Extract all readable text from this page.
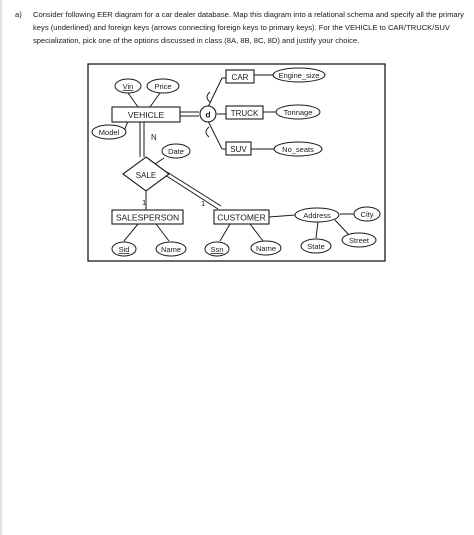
a) Consider following EER diagram for a car dealer database. Map this diagram into a relational schema and specify all the primary keys (underlined) and foreign keys (arrows connecting foreign keys to primary keys). For the VEHICLE to CAR/TRUCK/SUV specialization, pick one of the options discussed in class (8A, 8B, 8C, 8D) and justify your choice.
VEHICLE
CAR
TRUCK
SUV
SALESPERSON	CUSTOMER
SALE
d
Vin	Price
Model
Engine_size
Tonnage
No_seats
Date
Sid	Name	Ssn	Name
Address	City
Street
State
N
1	1
